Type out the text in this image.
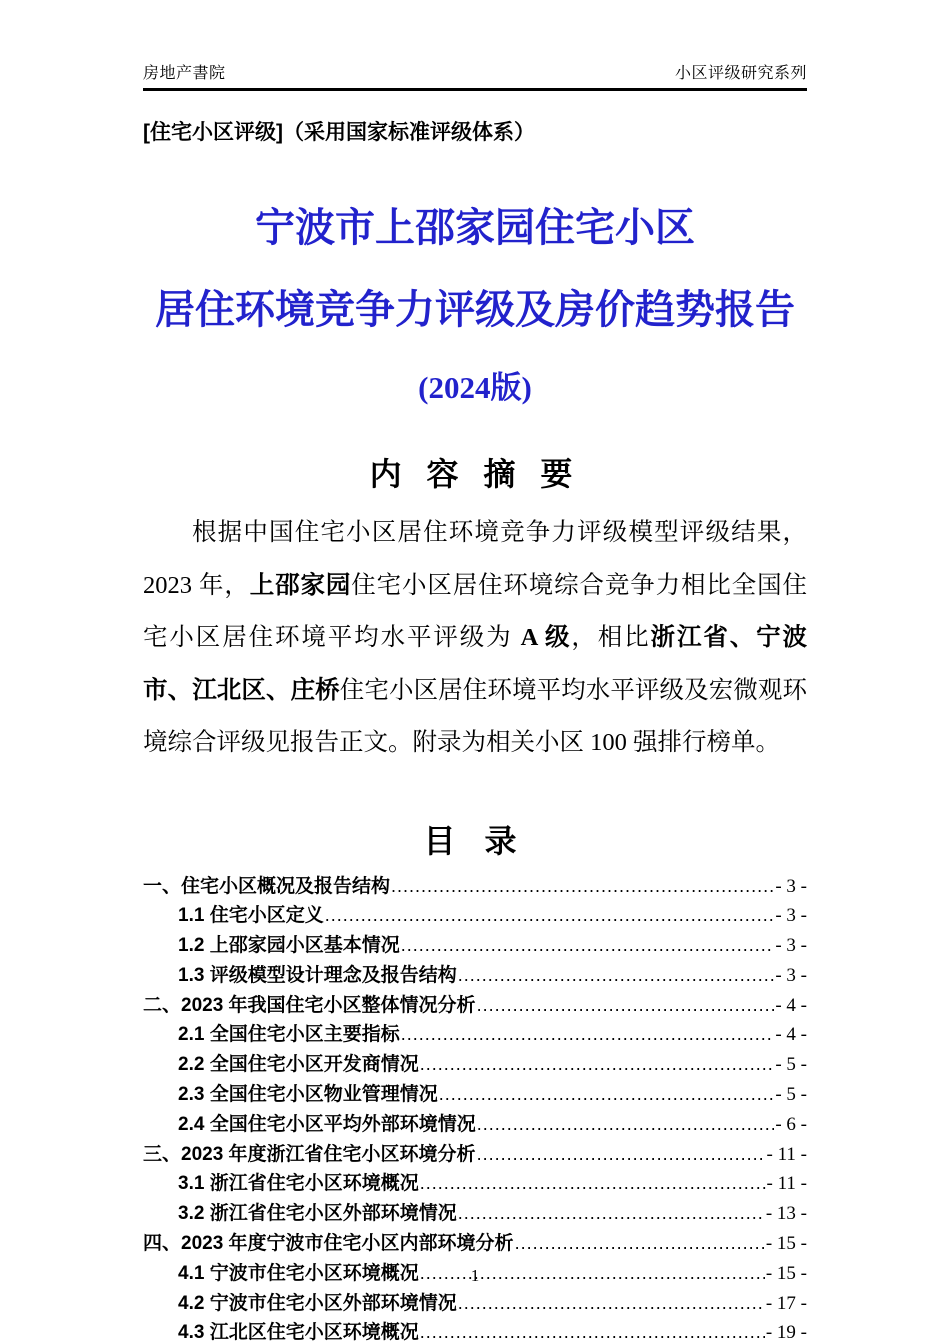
房地产書院	小区评级研究系列
[住宅小区评级]（采用国家标准评级体系）
宁波市上邵家园住宅小区
居住环境竞争力评级及房价趋势报告
(2024版)
内 容 摘 要

根据中国住宅小区居住环境竞争力评级模型评级结果，2023 年，上邵家园住宅小区居住环境综合竞争力相比全国住宅小区居住环境平均水平评级为 A 级，相比浙江省、宁波市、江北区、庄桥住宅小区居住环境平均水平评级及宏微观环境综合评级见报告正文。附录为相关小区 100 强排行榜单。

目 录
一、住宅小区概况及报告结构 .....	- 3 -
1.1 住宅小区定义 .....	- 3 -
1.2 上邵家园小区基本情况 .....	- 3 -
1.3 评级模型设计理念及报告结构 .....	- 3 -
二、2023 年我国住宅小区整体情况分析 .....	- 4 -
2.1 全国住宅小区主要指标 .....	- 4 -
2.2 全国住宅小区开发商情况 .....	- 5 -
2.3 全国住宅小区物业管理情况 .....	- 5 -
2.4 全国住宅小区平均外部环境情况 .....	- 6 -
三、2023 年度浙江省住宅小区环境分析 .....	- 11 -
3.1 浙江省住宅小区环境概况 .....	- 11 -
3.2 浙江省住宅小区外部环境情况 .....	- 13 -
四、2023 年度宁波市住宅小区内部环境分析 .....	- 15 -
4.1 宁波市住宅小区环境概况 .....	- 15 -
4.2 宁波市住宅小区外部环境情况 .....	- 17 -
4.3 江北区住宅小区环境概况 .....	- 19 -
1
